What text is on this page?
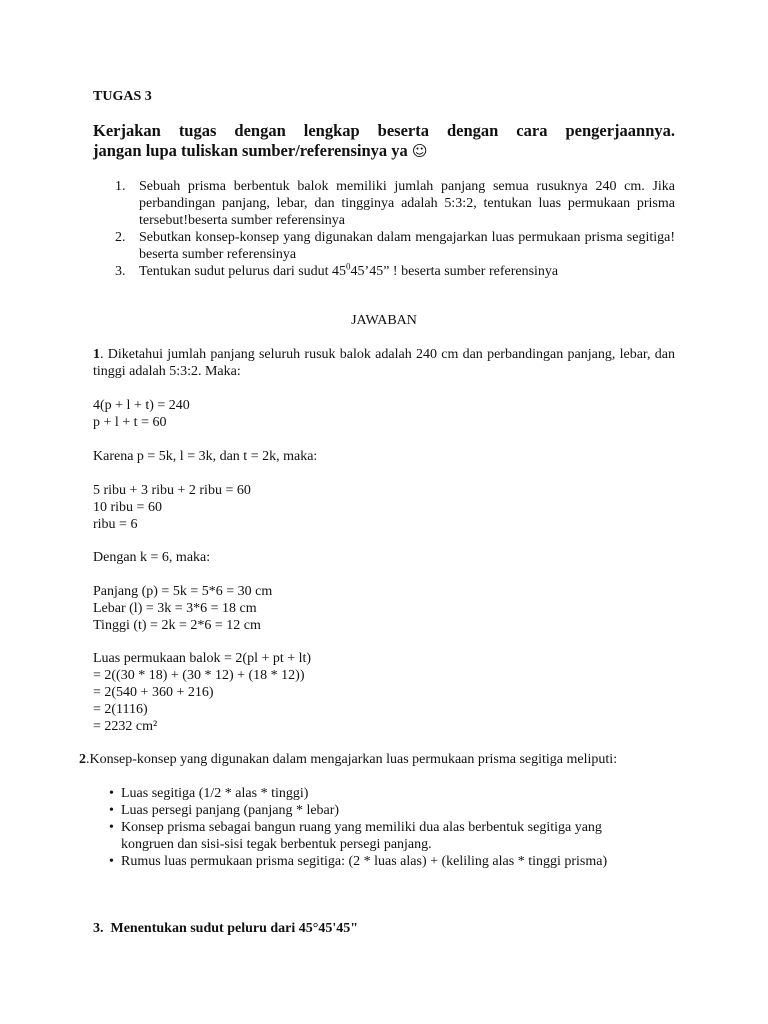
TUGAS 3
Kerjakan tugas dengan lengkap beserta dengan cara pengerjaannya.
jangan lupa tuliskan sumber/referensinya ya ☺
1. Sebuah prisma berbentuk balok memiliki jumlah panjang semua rusuknya 240 cm. Jika perbandingan panjang, lebar, dan tingginya adalah 5:3:2, tentukan luas permukaan prisma tersebut!beserta sumber referensinya
2. Sebutkan konsep-konsep yang digunakan dalam mengajarkan luas permukaan prisma segitiga! beserta sumber referensinya
3. Tentukan sudut pelurus dari sudut $45^045’45$” ! beserta sumber referensinya
JAWABAN
1. Diketahui jumlah panjang seluruh rusuk balok adalah 240 cm dan perbandingan panjang, lebar, dan tinggi adalah 5:3:2. Maka:
4(p + l + t) = 240
p + l + t = 60
Karena p = 5k, l = 3k, dan t = 2k, maka:
5 ribu + 3 ribu + 2 ribu = 60
10 ribu = 60
ribu = 6
Dengan k = 6, maka:
Panjang (p) = 5k = 5*6 = 30 cm
Lebar (l) = 3k = 3*6 = 18 cm
Tinggi (t) = 2k = 2*6 = 12 cm
Luas permukaan balok = 2(pl + pt + lt)
= 2((30 * 18) + (30 * 12) + (18 * 12))
= 2(540 + 360 + 216)
= 2(1116)
= 2232 cm²
2.Konsep-konsep yang digunakan dalam mengajarkan luas permukaan prisma segitiga meliputi:
• Luas segitiga (1/2 * alas * tinggi)
• Luas persegi panjang (panjang * lebar)
• Konsep prisma sebagai bangun ruang yang memiliki dua alas berbentuk segitiga yang kongruen dan sisi-sisi tegak berbentuk persegi panjang.
• Rumus luas permukaan prisma segitiga: (2 * luas alas) + (keliling alas * tinggi prisma)
3.  Menentukan sudut peluru dari 45°45'45"
